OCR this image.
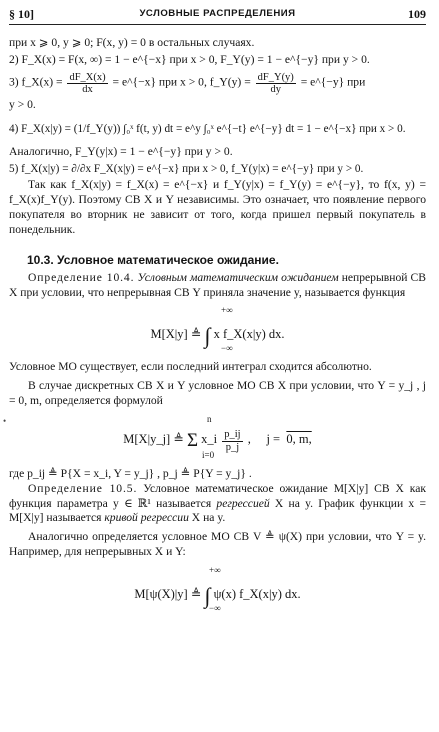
§ 10]	УСЛОВНЫЕ РАСПРЕДЕЛЕНИЯ	109

при x ⩾ 0, y ⩾ 0; F(x, y) = 0 в остальных случаях.

2) F_X(x) = F(x, ∞) = 1 − e^{−x} при x > 0, F_Y(y) = 1 − e^{−y} при y > 0.

3) f_X(x) = $\frac{dF\_X(x)}{dx}$ = e^{−x} при x > 0, f_Y(y) = $\frac{dF\_Y(y)}{dy}$ = e^{−y} при

y > 0.

4) F_X(x|y) = (1/f_Y(y)) ∫₀ˣ f(t, y) dt = e^y ∫₀ˣ e^{−t} e^{−y} dt = 1 − e^{−x} при x > 0.

Аналогично, F_Y(y|x) = 1 − e^{−y} при y > 0.

5) f_X(x|y) = ∂/∂x F_X(x|y) = e^{−x} при x > 0, f_Y(y|x) = e^{−y} при y > 0.

Так как f_X(x|y) = f_X(x) = e^{−x} и f_Y(y|x) = f_Y(y) = e^{−y}, то f(x, y) = f_X(x)f_Y(y). Поэтому СВ X и Y независимы. Это означает, что появление первого покупателя во вторник не зависит от того, когда пришел первый покупатель в понедельник.

10.3. Условное математическое ожидание.

Определение 10.4. Условным математическим ожиданием непрерывной СВ X при условии, что непрерывная СВ Y приняла значение y, называется функция

+∞
M[X|y] ≜ ∫ x f_X(x|y) dx.
−∞

Условное МО существует, если последний интеграл сходится абсолютно.

В случае дискретных СВ X и Y условное МО СВ X при условии, что Y = y_j , j = 0, m, определяется формулой

•	n
M[X|y_j] ≜ Σ x_i $\frac{p\_ij}{p\_j}$ ,     j =  0, m,
i=0

где p_ij ≜ P{X = x_i, Y = y_j} , p_j ≜ P{Y = y_j} .

Определение 10.5. Условное математическое ожидание M[X|y] СВ X как функция параметра y ∈ ℝ¹ называется регрессией X на y. График функции x = M[X|y] называется кривой регрессии X на y.

Аналогично определяется условное МО СВ V ≜ ψ(X) при условии, что Y = y. Например, для непрерывных X и Y:

+∞
M[ψ(X)|y] ≜ ∫ ψ(x) f_X(x|y) dx.
−∞
